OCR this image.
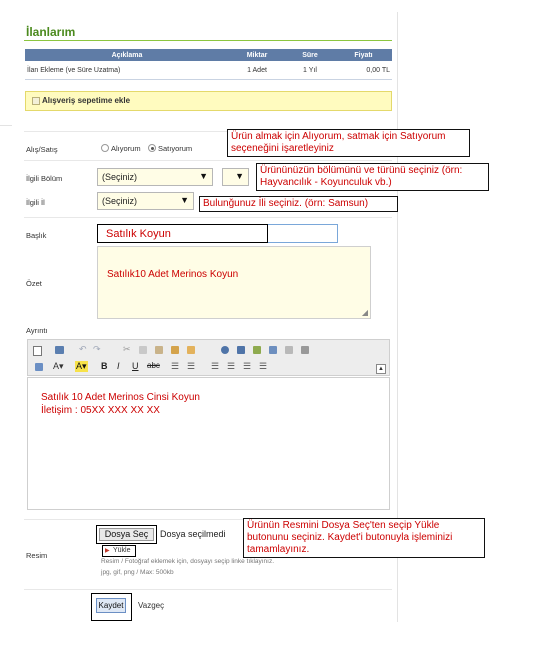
İlanlarım
Açıklama	Miktar	Süre	Fiyatı
İlan Ekleme (ve Süre Uzatma)	1 Adet	1 Yıl	0,00 TL
Alışveriş sepetime ekle
Alış/Satış	Alıyorum Satıyorum
Ürün almak için Alıyorum, satmak için Satıyorum
seçeneğini işaretleyiniz
İlgili Bölüm	(Seçiniz)	▼	▼ Ürününüzün bölümünü ve türünü seçiniz (örn:
Hayvancılık - Koyunculuk vb.)
İlgili İl	(Seçiniz)	▼ Bulunğunuz İli seçiniz. (örn: Samsun)
Başlık	Satılık Koyun
Özet
Satılık10 Adet Merinos Koyun
◢
Ayrıntı
↶ ↷ ✂
A▾ A▾ B I U abc ☰ ☰ ☰ ☰ ☰ ☰	▲
Satılık 10 Adet Merinos Cinsi Koyun
İletişim : 05XX XXX XX XX
Resim
Dosya Seç	Dosya seçilmedi
▶ Yükle
Resim / Fotoğraf eklemek için, dosyayı seçip linke tıklayınız.
jpg, gif, png / Max: 500kb
Ürünün Resmini Dosya Seç'ten seçip Yükle
butonunu seçiniz. Kaydet'i butonuyla işleminizi
tamamlayınız.
Kaydet	Vazgeç
